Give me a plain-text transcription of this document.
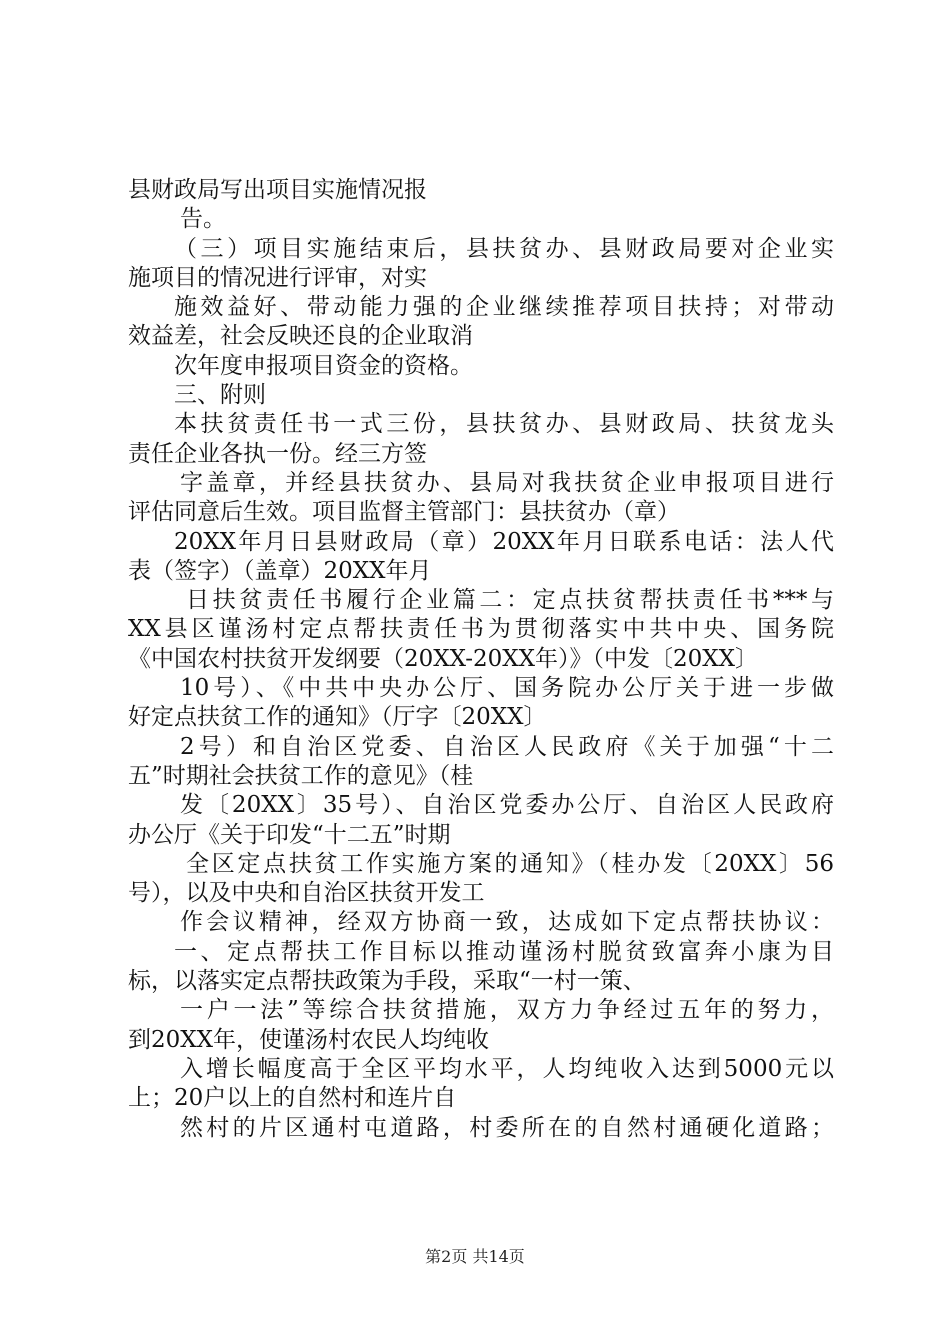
县财政局写出项目实施情况报
告。
（三）项目实施结束后，县扶贫办、县财政局要对企业实
施项目的情况进行评审，对实
施效益好、带动能力强的企业继续推荐项目扶持；对带动
效益差，社会反映还良的企业取消
次年度申报项目资金的资格。
三、附则
本扶贫责任书一式三份，县扶贫办、县财政局、扶贫龙头
责任企业各执一份。经三方签
字盖章，并经县扶贫办、县局对我扶贫企业申报项目进行
评估同意后生效。项目监督主管部门：县扶贫办（章）
20XX年月日县财政局（章）20XX年月日联系电话：法人代
表（签字）（盖章）20XX年月
日扶贫责任书履行企业篇二：定点扶贫帮扶责任书***与
XX县区谨汤村定点帮扶责任书为贯彻落实中共中央、国务院
《中国农村扶贫开发纲要（20XX-20XX年）》（中发〔20XX〕
10号）、《中共中央办公厅、国务院办公厅关于进一步做
好定点扶贫工作的通知》（厅字〔20XX〕
2号）和自治区党委、自治区人民政府《关于加强“十二
五”时期社会扶贫工作的意见》（桂
发〔20XX〕35号）、自治区党委办公厅、自治区人民政府
办公厅《关于印发“十二五”时期
全区定点扶贫工作实施方案的通知》（桂办发〔20XX〕56
号），以及中央和自治区扶贫开发工
作会议精神，经双方协商一致，达成如下定点帮扶协议：
一、定点帮扶工作目标以推动谨汤村脱贫致富奔小康为目
标，以落实定点帮扶政策为手段，采取“一村一策、
一户一法”等综合扶贫措施，双方力争经过五年的努力，
到20XX年，使谨汤村农民人均纯收
入增长幅度高于全区平均水平，人均纯收入达到5000元以
上；20户以上的自然村和连片自
然村的片区通村屯道路，村委所在的自然村通硬化道路；
第2页 共14页
